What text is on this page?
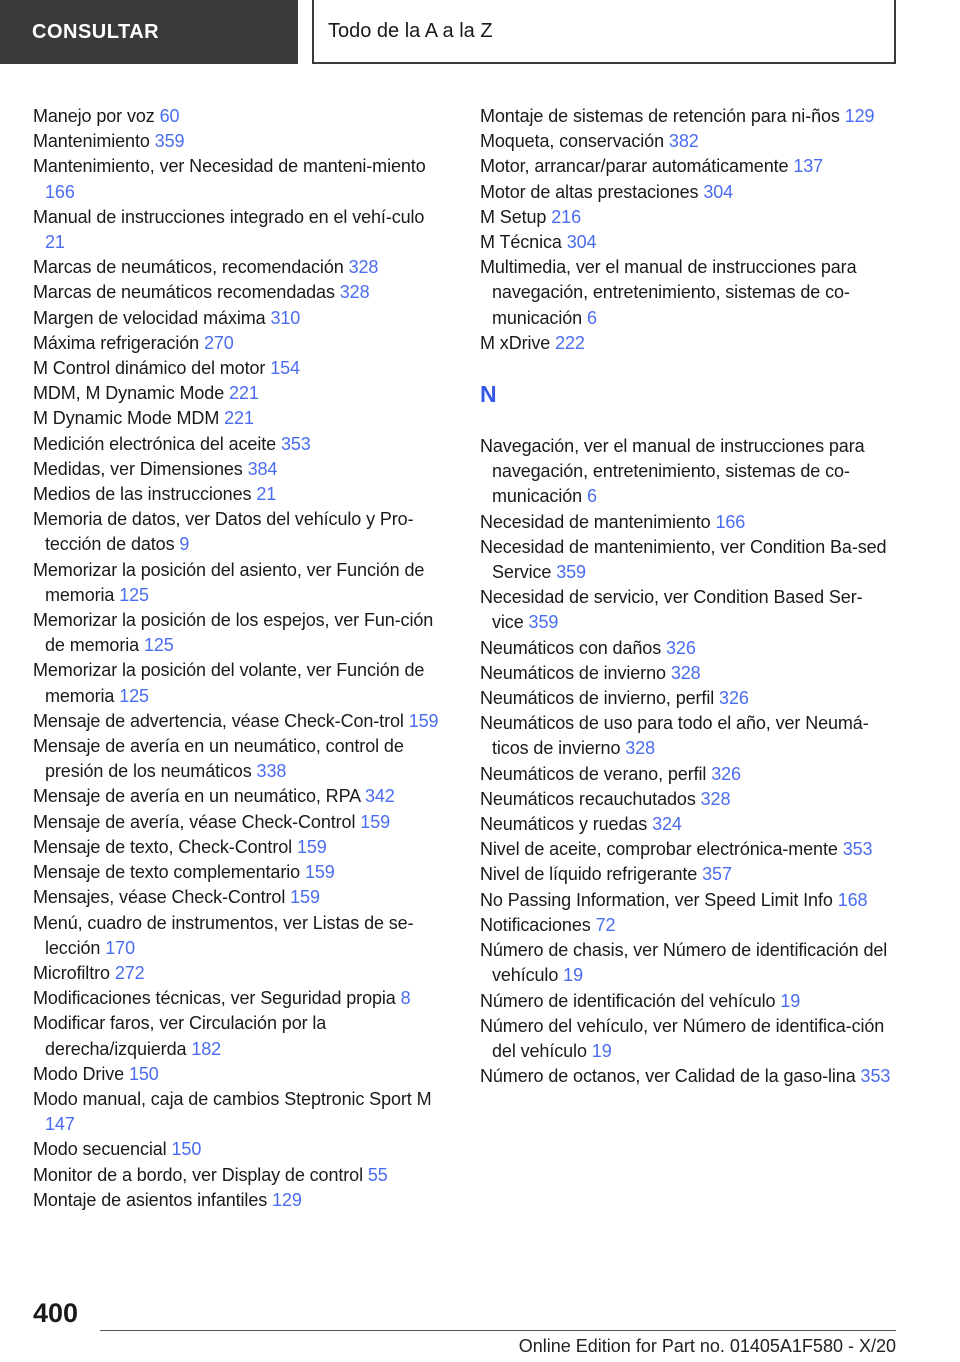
CONSULTAR	Todo de la A a la Z
Manejo por voz 60
Mantenimiento 359
Mantenimiento, ver Necesidad de manteni‐miento 166
Manual de instrucciones integrado en el vehí‐culo 21
Marcas de neumáticos, recomendación 328
Marcas de neumáticos recomendadas 328
Margen de velocidad máxima 310
Máxima refrigeración 270
M Control dinámico del motor 154
MDM, M Dynamic Mode 221
M Dynamic Mode MDM 221
Medición electrónica del aceite 353
Medidas, ver Dimensiones 384
Medios de las instrucciones 21
Memoria de datos, ver Datos del vehículo y Pro‐tección de datos 9
Memorizar la posición del asiento, ver Función de memoria 125
Memorizar la posición de los espejos, ver Fun‐ción de memoria 125
Memorizar la posición del volante, ver Función de memoria 125
Mensaje de advertencia, véase Check-Con‐trol 159
Mensaje de avería en un neumático, control de presión de los neumáticos 338
Mensaje de avería en un neumático, RPA 342
Mensaje de avería, véase Check-Control 159
Mensaje de texto, Check-Control 159
Mensaje de texto complementario 159
Mensajes, véase Check-Control 159
Menú, cuadro de instrumentos, ver Listas de se‐lección 170
Microfiltro 272
Modificaciones técnicas, ver Seguridad propia 8
Modificar faros, ver Circulación por la derecha/izquierda 182
Modo Drive 150
Modo manual, caja de cambios Steptronic Sport M 147
Modo secuencial 150
Monitor de a bordo, ver Display de control 55
Montaje de asientos infantiles 129
Montaje de sistemas de retención para ni‐ños 129
Moqueta, conservación 382
Motor, arrancar/parar automáticamente 137
Motor de altas prestaciones 304
M Setup 216
M Técnica 304
Multimedia, ver el manual de instrucciones para navegación, entretenimiento, sistemas de co‐municación 6
M xDrive 222
N
Navegación, ver el manual de instrucciones para navegación, entretenimiento, sistemas de co‐municación 6
Necesidad de mantenimiento 166
Necesidad de mantenimiento, ver Condition Ba‐sed Service 359
Necesidad de servicio, ver Condition Based Ser‐vice 359
Neumáticos con daños 326
Neumáticos de invierno 328
Neumáticos de invierno, perfil 326
Neumáticos de uso para todo el año, ver Neumá‐ticos de invierno 328
Neumáticos de verano, perfil 326
Neumáticos recauchutados 328
Neumáticos y ruedas 324
Nivel de aceite, comprobar electrónica‐mente 353
Nivel de líquido refrigerante 357
No Passing Information, ver Speed Limit Info 168
Notificaciones 72
Número de chasis, ver Número de identificación del vehículo 19
Número de identificación del vehículo 19
Número del vehículo, ver Número de identifica‐ción del vehículo 19
Número de octanos, ver Calidad de la gaso‐lina 353
400
Online Edition for Part no. 01405A1F580 - X/20
